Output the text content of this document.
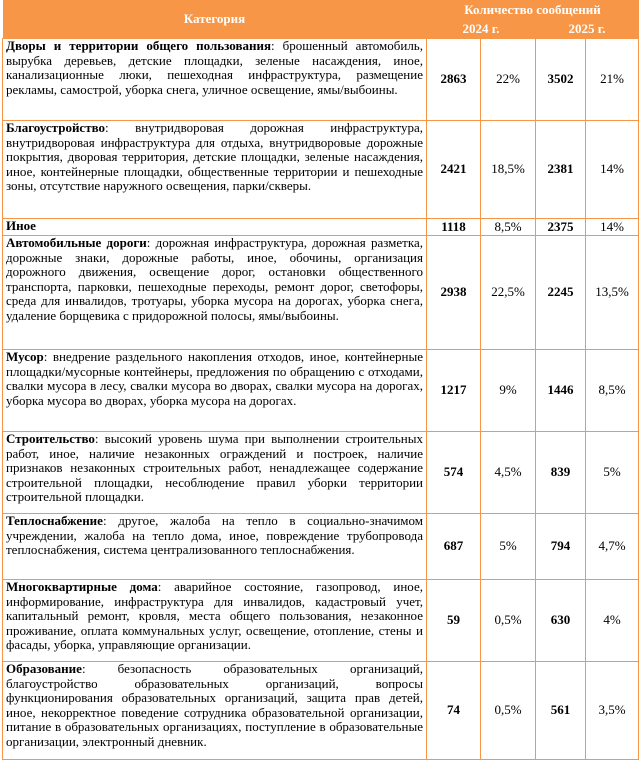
Категория	Количество сообщений			
	2024 г.		2025 г.	
Дворы и территории общего пользования: брошенный автомобиль, вырубка деревьев, детские площадки, зеленые насаждения, иное, канализационные люки, пешеходная инфраструктура, размещение рекламы, самострой, уборка снега, уличное освещение, ямы/выбоины.	2863	22%	3502	21%
Благоустройство: внутридворовая дорожная инфраструктура, внутридворовая инфраструктура для отдыха, внутридворовые дорожные покрытия, дворовая территория, детские площадки, зеленые насаждения, иное, контейнерные площадки, общественные территории и пешеходные зоны, отсутствие наружного освещения, парки/скверы.	2421	18,5%	2381	14%
Иное	1118	8,5%	2375	14%
Автомобильные дороги: дорожная инфраструктура, дорожная разметка, дорожные знаки, дорожные работы, иное, обочины, организация дорожного движения, освещение дорог, остановки общественного транспорта, парковки, пешеходные переходы, ремонт дорог, светофоры, среда для инвалидов, тротуары, уборка мусора на дорогах, уборка снега, удаление борщевика с придорожной полосы, ямы/выбоины.	2938	22,5%	2245	13,5%
Мусор: внедрение раздельного накопления отходов, иное, контейнерные площадки/мусорные контейнеры, предложения по обращению с отходами, свалки мусора в лесу, свалки мусора во дворах, свалки мусора на дорогах, уборка мусора во дворах, уборка мусора на дорогах.	1217	9%	1446	8,5%
Строительство: высокий уровень шума при выполнении строительных работ, иное, наличие незаконных ограждений и построек, наличие признаков незаконных строительных работ, ненадлежащее содержание строительной площадки, несоблюдение правил уборки территории строительной площадки.	574	4,5%	839	5%
Теплоснабжение: другое, жалоба на тепло в социально-значимом учреждении, жалоба на тепло дома, иное, повреждение трубопровода теплоснабжения, система централизованного теплоснабжения.	687	5%	794	4,7%
Многоквартирные дома: аварийное состояние, газопровод, иное, информирование, инфраструктура для инвалидов, кадастровый учет, капитальный ремонт, кровля, места общего пользования, незаконное проживание, оплата коммунальных услуг, освещение, отопление, стены и фасады, уборка, управляющие организации.	59	0,5%	630	4%
Образование: безопасность образовательных организаций, благоустройство образовательных организаций, вопросы функционирования образовательных организаций, защита прав детей, иное, некорректное поведение сотрудника образовательной организации, питание в образовательных организациях, поступление в образовательные организации, электронный дневник.	74	0,5%	561	3,5%
